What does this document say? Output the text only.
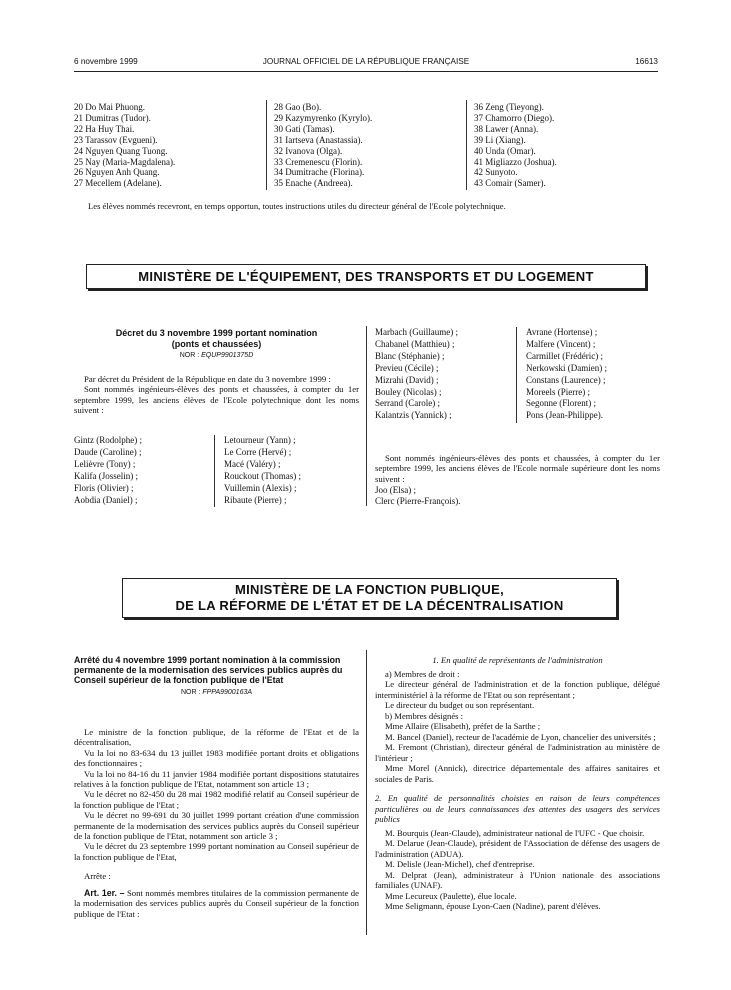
6 novembre 1999	JOURNAL OFFICIEL DE LA RÉPUBLIQUE FRANÇAISE	16613
20 Do Mai Phuong.
21 Dumitras (Tudor).
22 Ha Huy Thai.
23 Tarassov (Evgueni).
24 Nguyen Quang Tuong.
25 Nay (Maria-Magdalena).
26 Nguyen Anh Quang.
27 Mecellem (Adelane).
28 Gao (Bo).
29 Kazymyrenko (Kyrylo).
30 Gati (Tamas).
31 Iartseva (Anastassia).
32 Ivanova (Olga).
33 Cremenescu (Florin).
34 Dumitrache (Florina).
35 Enache (Andreea).
36 Zeng (Tieyong).
37 Chamorro (Diego).
38 Lawer (Anna).
39 Li (Xiang).
40 Unda (Omar).
41 Migliazzo (Joshua).
42 Sunyoto.
43 Comair (Samer).
Les élèves nommés recevront, en temps opportun, toutes instructions utiles du directeur général de l'Ecole polytechnique.
MINISTÈRE DE L'ÉQUIPEMENT, DES TRANSPORTS ET DU LOGEMENT
Décret du 3 novembre 1999 portant nomination
(ponts et chaussées)
NOR : EQUP9901375D

Par décret du Président de la République en date du 3 novembre 1999 :

Sont nommés ingénieurs-élèves des ponts et chaussées, à compter du 1er septembre 1999, les anciens élèves de l'Ecole polytechnique dont les noms suivent :

Gintz (Rodolphe) ;
Daude (Caroline) ;
Lelièvre (Tony) ;
Kalifa (Josselin) ;
Floris (Olivier) ;
Aobdia (Daniel) ;
Letourneur (Yann) ;
Le Corre (Hervé) ;
Macé (Valéry) ;
Rouckout (Thomas) ;
Vuillemin (Alexis) ;
Ribaute (Pierre) ;
Marbach (Guillaume) ;
Chabanel (Matthieu) ;
Blanc (Stéphanie) ;
Previeu (Cécile) ;
Mizrahi (David) ;
Bouley (Nicolas) ;
Serrand (Carole) ;
Kalantzis (Yannick) ;
Avrane (Hortense) ;
Malfere (Vincent) ;
Carmillet (Frédéric) ;
Nerkowski (Damien) ;
Constans (Laurence) ;
Moreels (Pierre) ;
Segonne (Florent) ;
Pons (Jean-Philippe).

Sont nommés ingénieurs-élèves des ponts et chaussées, à compter du 1er septembre 1999, les anciens élèves de l'Ecole normale supérieure dont les noms suivent :

Joo (Elsa) ;
Clerc (Pierre-François).
MINISTÈRE DE LA FONCTION PUBLIQUE,
DE LA RÉFORME DE L'ÉTAT ET DE LA DÉCENTRALISATION
Arrêté du 4 novembre 1999 portant nomination à la commission permanente de la modernisation des services publics auprès du Conseil supérieur de la fonction publique de l'Etat
NOR : FPPA9900163A

Le ministre de la fonction publique, de la réforme de l'Etat et de la décentralisation,

Vu la loi no 83-634 du 13 juillet 1983 modifiée portant droits et obligations des fonctionnaires ;

Vu la loi no 84-16 du 11 janvier 1984 modifiée portant dispositions statutaires relatives à la fonction publique de l'Etat, notamment son article 13 ;

Vu le décret no 82-450 du 28 mai 1982 modifié relatif au Conseil supérieur de la fonction publique de l'Etat ;

Vu le décret no 99-691 du 30 juillet 1999 portant création d'une commission permanente de la modernisation des services publics auprès du Conseil supérieur de la fonction publique de l'Etat, notamment son article 3 ;

Vu le décret du 23 septembre 1999 portant nomination au Conseil supérieur de la fonction publique de l'Etat,

Arrête :

Art. 1er. – Sont nommés membres titulaires de la commission permanente de la modernisation des services publics auprès du Conseil supérieur de la fonction publique de l'Etat :

1. En qualité de représentants de l'administration

a) Membres de droit :

Le directeur général de l'administration et de la fonction publique, délégué interministériel à la réforme de l'Etat ou son représentant ;

Le directeur du budget ou son représentant.

b) Membres désignés :

Mme Allaire (Elisabeth), préfet de la Sarthe ;

M. Bancel (Daniel), recteur de l'académie de Lyon, chancelier des universités ;

M. Fremont (Christian), directeur général de l'administration au ministère de l'intérieur ;

Mme Morel (Annick), directrice départementale des affaires sanitaires et sociales de Paris.

2. En qualité de personnalités choisies en raison de leurs compétences particulières ou de leurs connaissances des attentes des usagers des services publics

M. Bourquis (Jean-Claude), administrateur national de l'UFC - Que choisir.

M. Delarue (Jean-Claude), président de l'Association de défense des usagers de l'administration (ADUA).

M. Delisle (Jean-Michel), chef d'entreprise.

M. Delprat (Jean), administrateur à l'Union nationale des associations familiales (UNAF).

Mme Lecureux (Paulette), élue locale.

Mme Seligmann, épouse Lyon-Caen (Nadine), parent d'élèves.
